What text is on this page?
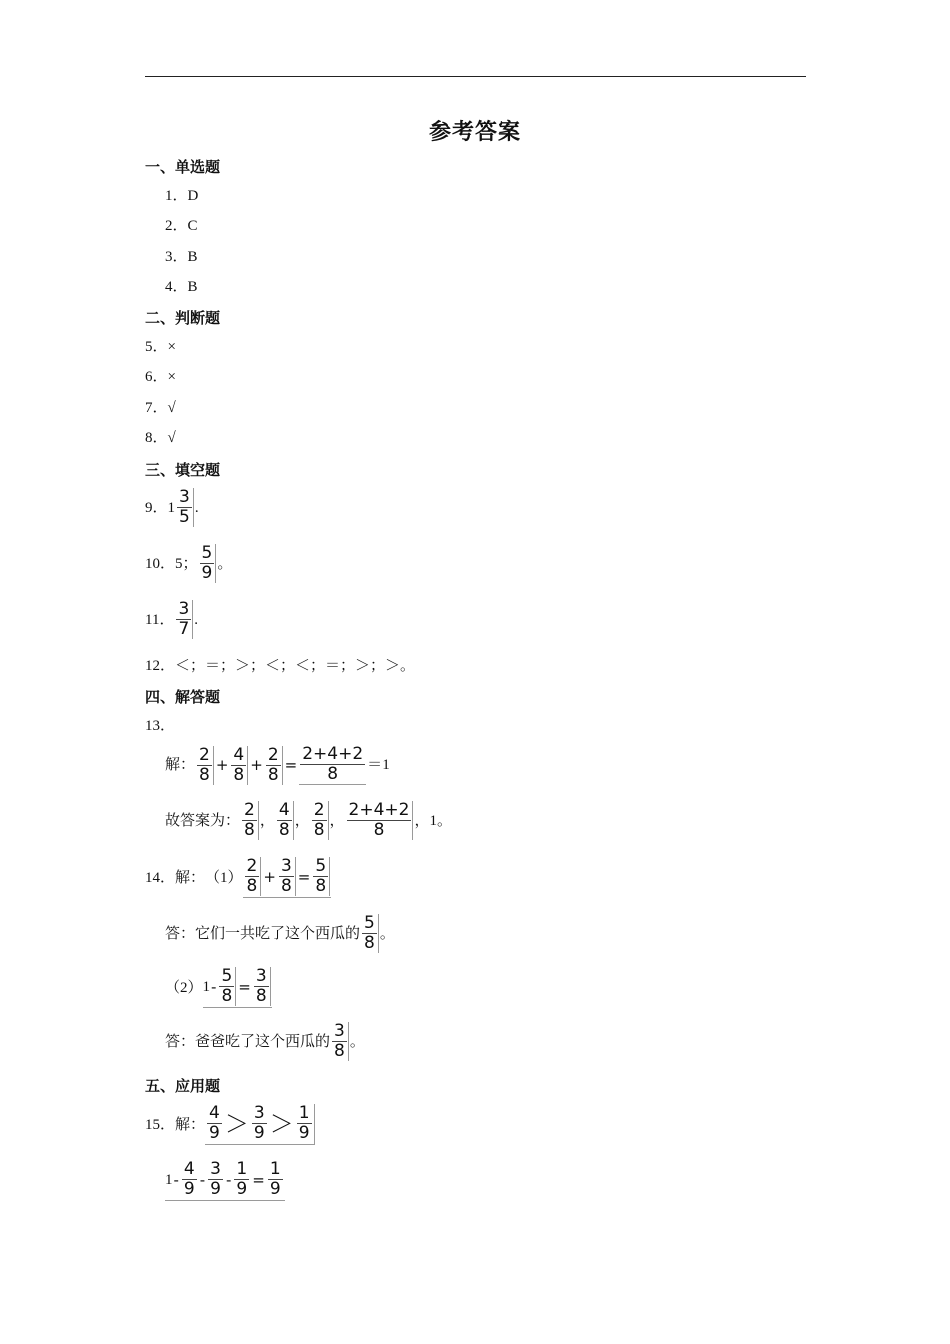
参考答案
一、单选题
1．D
2．C
3．B
4．B
二、判断题
5．×
6．×
7．√
8．√
三、填空题
9． $1 \frac{3}{5}$ .
10． 5； $\frac{5}{9}$ 。
11． $\frac{3}{7}$ .
12．＜；＝；＞；＜；＜；＝；＞；＞。
四、解答题
13．
解： $\frac{2}{8} + \frac{4}{8} + \frac{2}{8} = \frac{2+4+2}{8} = 1$
故答案为： $\frac{2}{8}$ ， $\frac{4}{8}$ ， $\frac{2}{8}$ ， $\frac{2+4+2}{8}$ ， 1。
14． 解： $(1) \frac{2}{8} + \frac{3}{8} = \frac{5}{8}$
答：它们一共吃了这个西瓜的 $\frac{5}{8}$ 。
（2） $1 - \frac{5}{8} = \frac{3}{8}$
答：爸爸吃了这个西瓜的 $\frac{3}{8}$ 。
五、应用题
15． 解： $\frac{4}{9} > \frac{3}{9} > \frac{1}{9}$
$1 - \frac{4}{9} - \frac{3}{9} - \frac{1}{9} = \frac{1}{9}$
